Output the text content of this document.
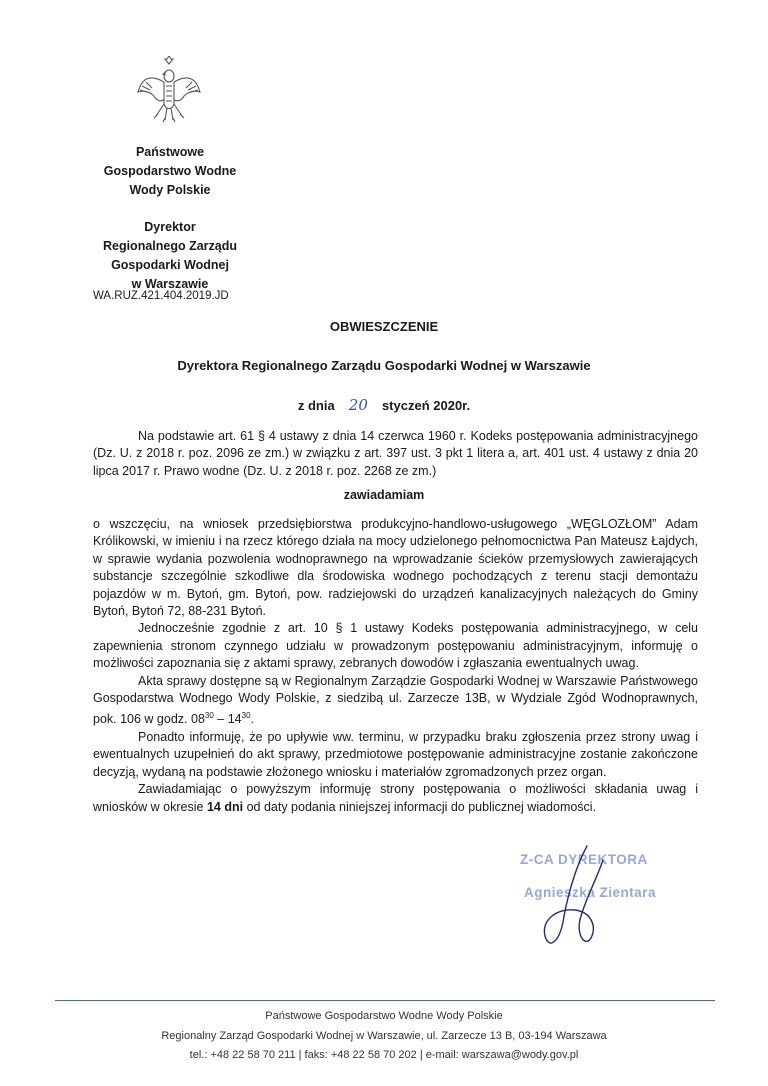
Państwowe
Gospodarstwo Wodne
Wody Polskie
Dyrektor
Regionalnego Zarządu
Gospodarki Wodnej
w Warszawie
WA.RUZ.421.404.2019.JD
OBWIESZCZENIE
Dyrektora Regionalnego Zarządu Gospodarki Wodnej w Warszawie
z dnia 20 styczeń 2020r.

Na podstawie art. 61 § 4 ustawy z dnia 14 czerwca 1960 r. Kodeks postępowania administracyjnego (Dz. U. z 2018 r. poz. 2096 ze zm.) w związku z art. 397 ust. 3 pkt 1 litera a, art. 401 ust. 4 ustawy z dnia 20 lipca 2017 r. Prawo wodne (Dz. U. z 2018 r. poz. 2268 ze zm.)

zawiadamiam

o wszczęciu, na wniosek przedsiębiorstwa produkcyjno-handlowo-usługowego „WĘGLOZŁOM” Adam Królikowski, w imieniu i na rzecz którego działa na mocy udzielonego pełnomocnictwa Pan Mateusz Łajdych, w sprawie wydania pozwolenia wodnoprawnego na wprowadzanie ścieków przemysłowych zawierających substancje szczególnie szkodliwe dla środowiska wodnego pochodzących z terenu stacji demontażu pojazdów w m. Bytoń, gm. Bytoń, pow. radziejowski do urządzeń kanalizacyjnych należących do Gminy Bytoń, Bytoń 72, 88-231 Bytoń.

Jednocześnie zgodnie z art. 10 § 1 ustawy Kodeks postępowania administracyjnego, w celu zapewnienia stronom czynnego udziału w prowadzonym postępowaniu administracyjnym, informuję o możliwości zapoznania się z aktami sprawy, zebranych dowodów i zgłaszania ewentualnych uwag.

Akta sprawy dostępne są w Regionalnym Zarządzie Gospodarki Wodnej w Warszawie Państwowego Gospodarstwa Wodnego Wody Polskie, z siedzibą ul. Zarzecze 13B, w Wydziale Zgód Wodnoprawnych, pok. 106 w godz. $08^{30} - 14^{30}$.

Ponadto informuję, że po upływie ww. terminu, w przypadku braku zgłoszenia przez strony uwag i ewentualnych uzupełnień do akt sprawy, przedmiotowe postępowanie administracyjne zostanie zakończone decyzją, wydaną na podstawie złożonego wniosku i materiałów zgromadzonych przez organ.

Zawiadamiając o powyższym informuję strony postępowania o możliwości składania uwag i wniosków w okresie 14 dni od daty podania niniejszej informacji do publicznej wiadomości.

Z-CA DYREKTORA
Agnieszka Zientara
Państwowe Gospodarstwo Wodne Wody Polskie
Regionalny Zarząd Gospodarki Wodnej w Warszawie, ul. Zarzecze 13 B, 03-194 Warszawa
tel.: +48 22 58 70 211 | faks: +48 22 58 70 202 | e-mail: warszawa@wody.gov.pl
